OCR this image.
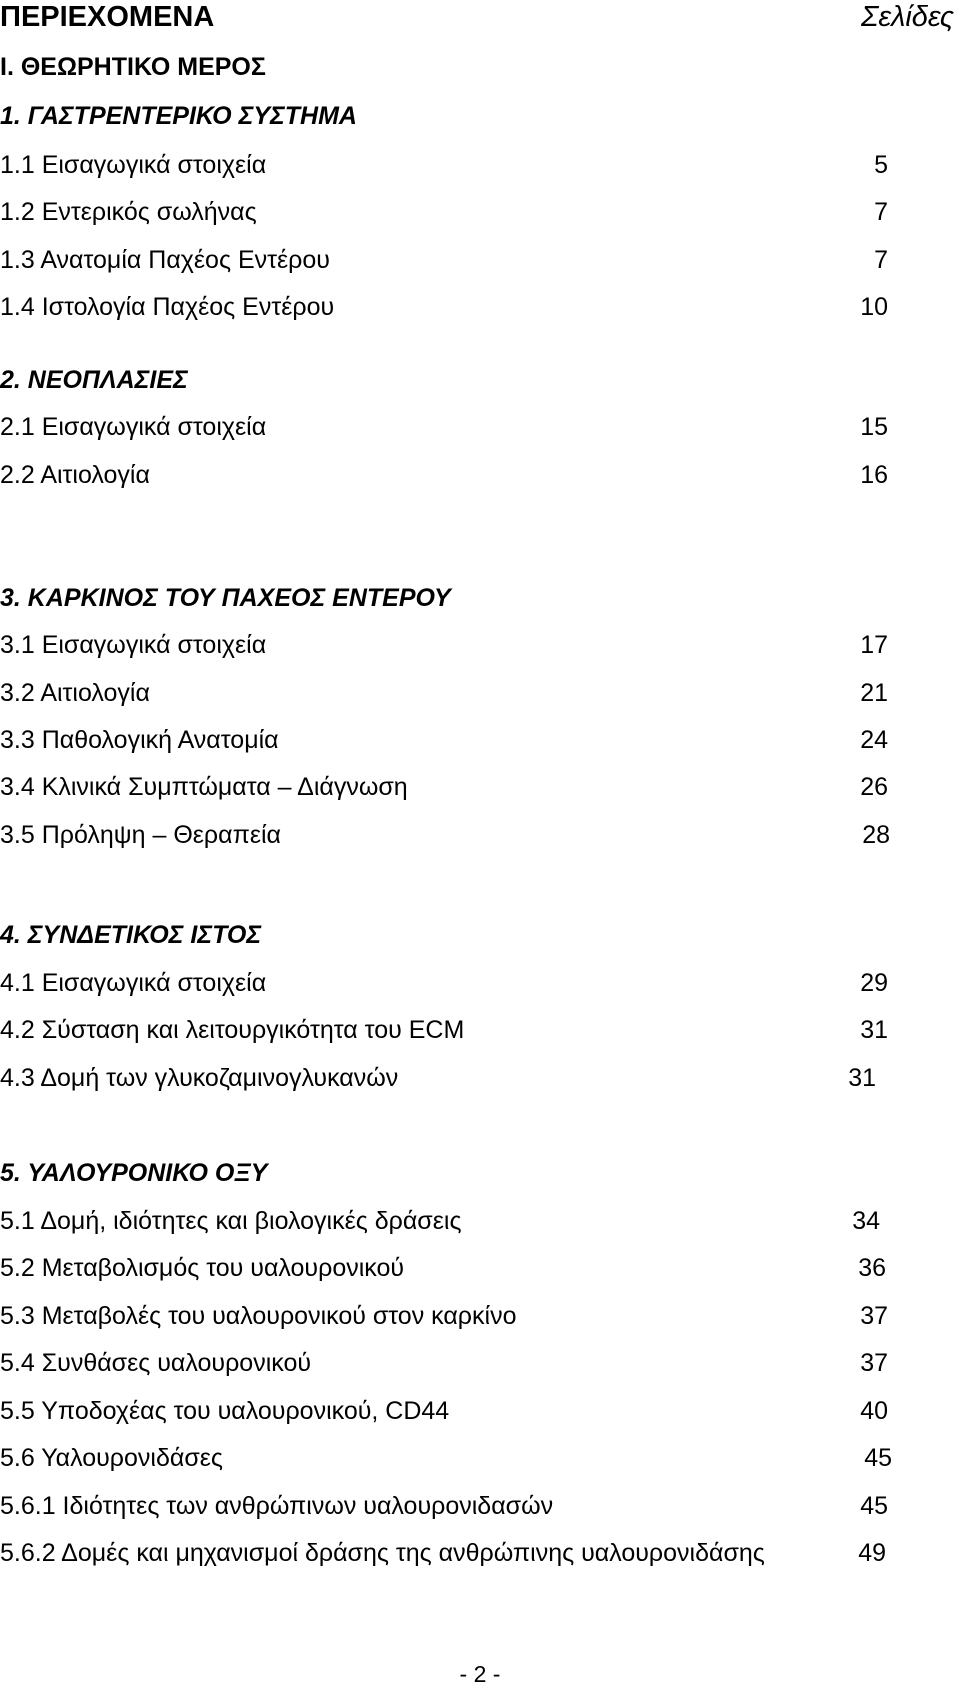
ΠΕΡΙΕΧΟΜΕΝΑ	Σελίδες
Ι. ΘΕΩΡΗΤΙΚΟ ΜΕΡΟΣ
1. ΓΑΣΤΡΕΝΤΕΡΙΚΟ ΣΥΣΤΗΜΑ
1.1 Εισαγωγικά στοιχεία	5
1.2 Εντερικός σωλήνας	7
1.3 Ανατομία Παχέος Εντέρου	7
1.4 Ιστολογία Παχέος Εντέρου	10
2. ΝΕΟΠΛΑΣΙΕΣ
2.1 Εισαγωγικά στοιχεία	15
2.2 Αιτιολογία	16
3. ΚΑΡΚΙΝΟΣ ΤΟΥ ΠΑΧΕΟΣ ΕΝΤΕΡΟΥ
3.1 Εισαγωγικά στοιχεία	17
3.2 Αιτιολογία	21
3.3 Παθολογική Ανατομία	24
3.4 Κλινικά Συμπτώματα – Διάγνωση	26
3.5 Πρόληψη – Θεραπεία	28
4. ΣΥΝΔΕΤΙΚΟΣ ΙΣΤΟΣ
4.1 Εισαγωγικά στοιχεία	29
4.2 Σύσταση και λειτουργικότητα του ECM	31
4.3 Δομή των γλυκοζαμινογλυκανών	31
5. ΥΑΛΟΥΡΟΝΙΚΟ ΟΞΥ
5.1 Δομή, ιδιότητες και βιολογικές δράσεις	34
5.2 Μεταβολισμός του υαλουρονικού	36
5.3 Μεταβολές του υαλουρονικού στον καρκίνο	37
5.4 Συνθάσες υαλουρονικού	37
5.5 Υποδοχέας του υαλουρονικού, CD44	40
5.6 Υαλουρονιδάσες	45
5.6.1 Ιδιότητες των ανθρώπινων υαλουρονιδασών	45
5.6.2 Δομές και μηχανισμοί δράσης της ανθρώπινης υαλουρονιδάσης	49
- 2 -
